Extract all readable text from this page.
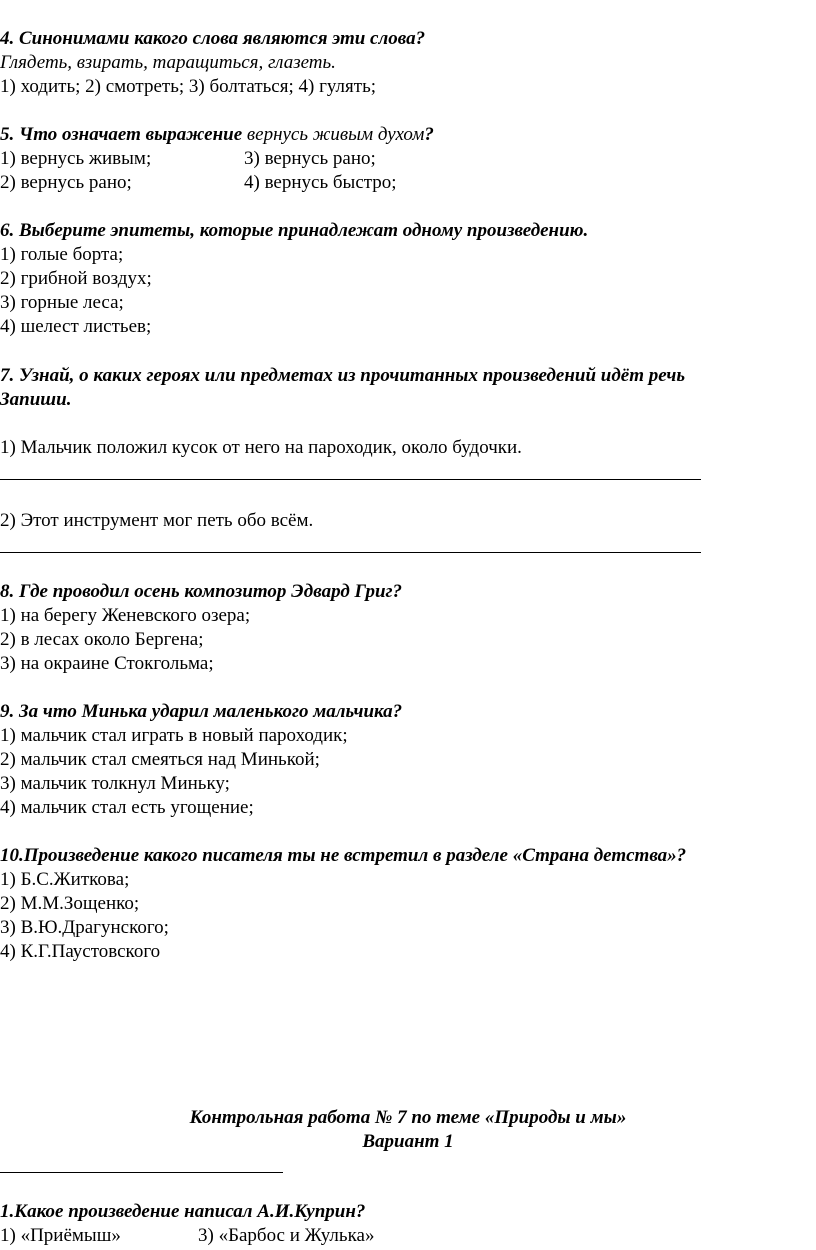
4. Синонимами какого слова являются эти слова?
Глядеть, взирать, таращиться, глазеть.
1) ходить; 2) смотреть; 3) болтаться; 4) гулять;
5. Что означает выражение вернусь живым духом?
1) вернусь живым;	3) вернусь рано;
2) вернусь рано;	4) вернусь быстро;
6. Выберите эпитеты, которые принадлежат одному произведению.
1) голые борта;
2) грибной воздух;
3) горные леса;
4) шелест листьев;
7. Узнай, о каких героях или предметах из прочитанных произведений идёт речь
Запиши.
1) Мальчик положил кусок от него на пароходик, около будочки.
2) Этот инструмент мог петь обо всём.
8. Где проводил осень композитор Эдвард Григ?
1) на берегу Женевского озера;
2) в лесах около Бергена;
3) на окраине Стокгольма;
9. За что Минька ударил маленького мальчика?
1) мальчик стал играть в новый пароходик;
2) мальчик стал смеяться над Минькой;
3) мальчик толкнул Миньку;
4) мальчик стал есть угощение;
10.Произведение какого писателя ты не встретил в разделе «Страна детства»?
1) Б.С.Житкова;
2) М.М.Зощенко;
3) В.Ю.Драгунского;
4) К.Г.Паустовского
Контрольная работа № 7 по теме «Природы и мы»
Вариант 1
1.Какое произведение написал А.И.Куприн?
1) «Приёмыш»	3) «Барбос и Жулька»
